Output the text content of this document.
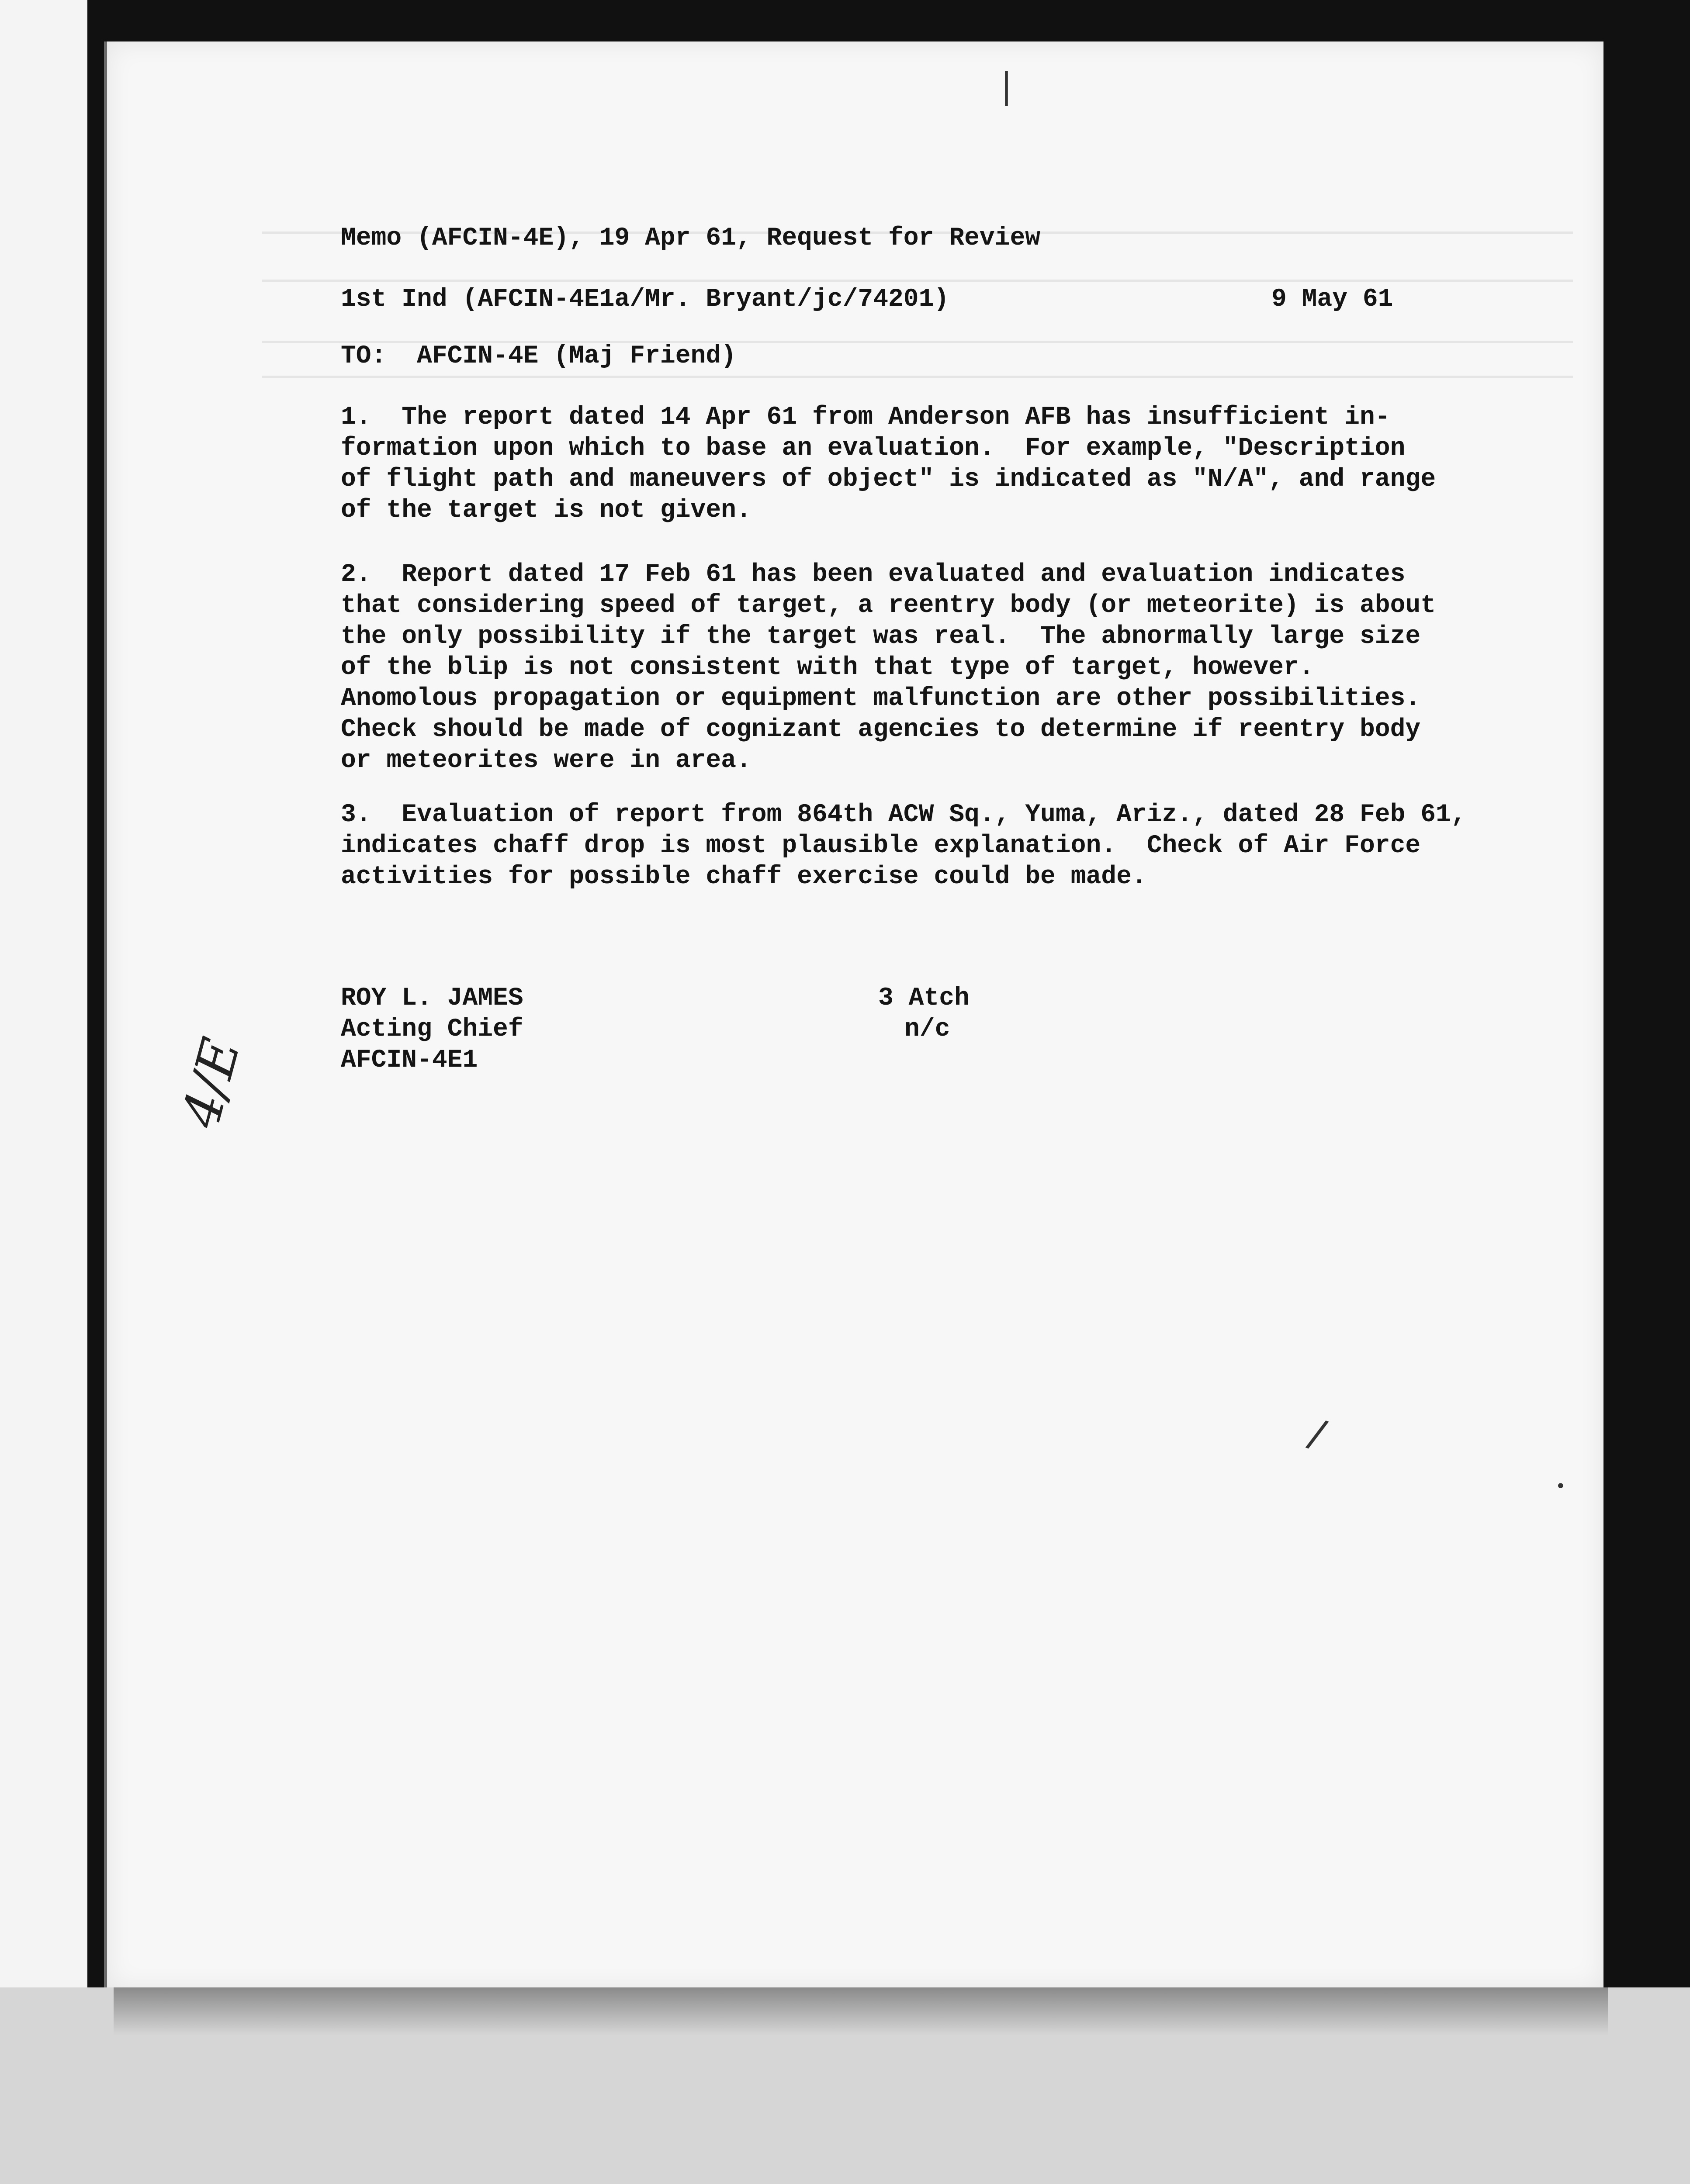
Memo (AFCIN-4E), 19 Apr 61, Request for Review
1st Ind (AFCIN-4E1a/Mr. Bryant/jc/74201)	9 May 61
TO:  AFCIN-4E (Maj Friend)
1.  The report dated 14 Apr 61 from Anderson AFB has insufficient in-
formation upon which to base an evaluation.  For example, "Description
of flight path and maneuvers of object" is indicated as "N/A", and range
of the target is not given.
2.  Report dated 17 Feb 61 has been evaluated and evaluation indicates
that considering speed of target, a reentry body (or meteorite) is about
the only possibility if the target was real.  The abnormally large size
of the blip is not consistent with that type of target, however.
Anomolous propagation or equipment malfunction are other possibilities.
Check should be made of cognizant agencies to determine if reentry body
or meteorites were in area.
3.  Evaluation of report from 864th ACW Sq., Yuma, Ariz., dated 28 Feb 61,
indicates chaff drop is most plausible explanation.  Check of Air Force
activities for possible chaff exercise could be made.
ROY L. JAMES
Acting Chief
AFCIN-4E1
3 Atch
n/c
4/E
|
/
•
